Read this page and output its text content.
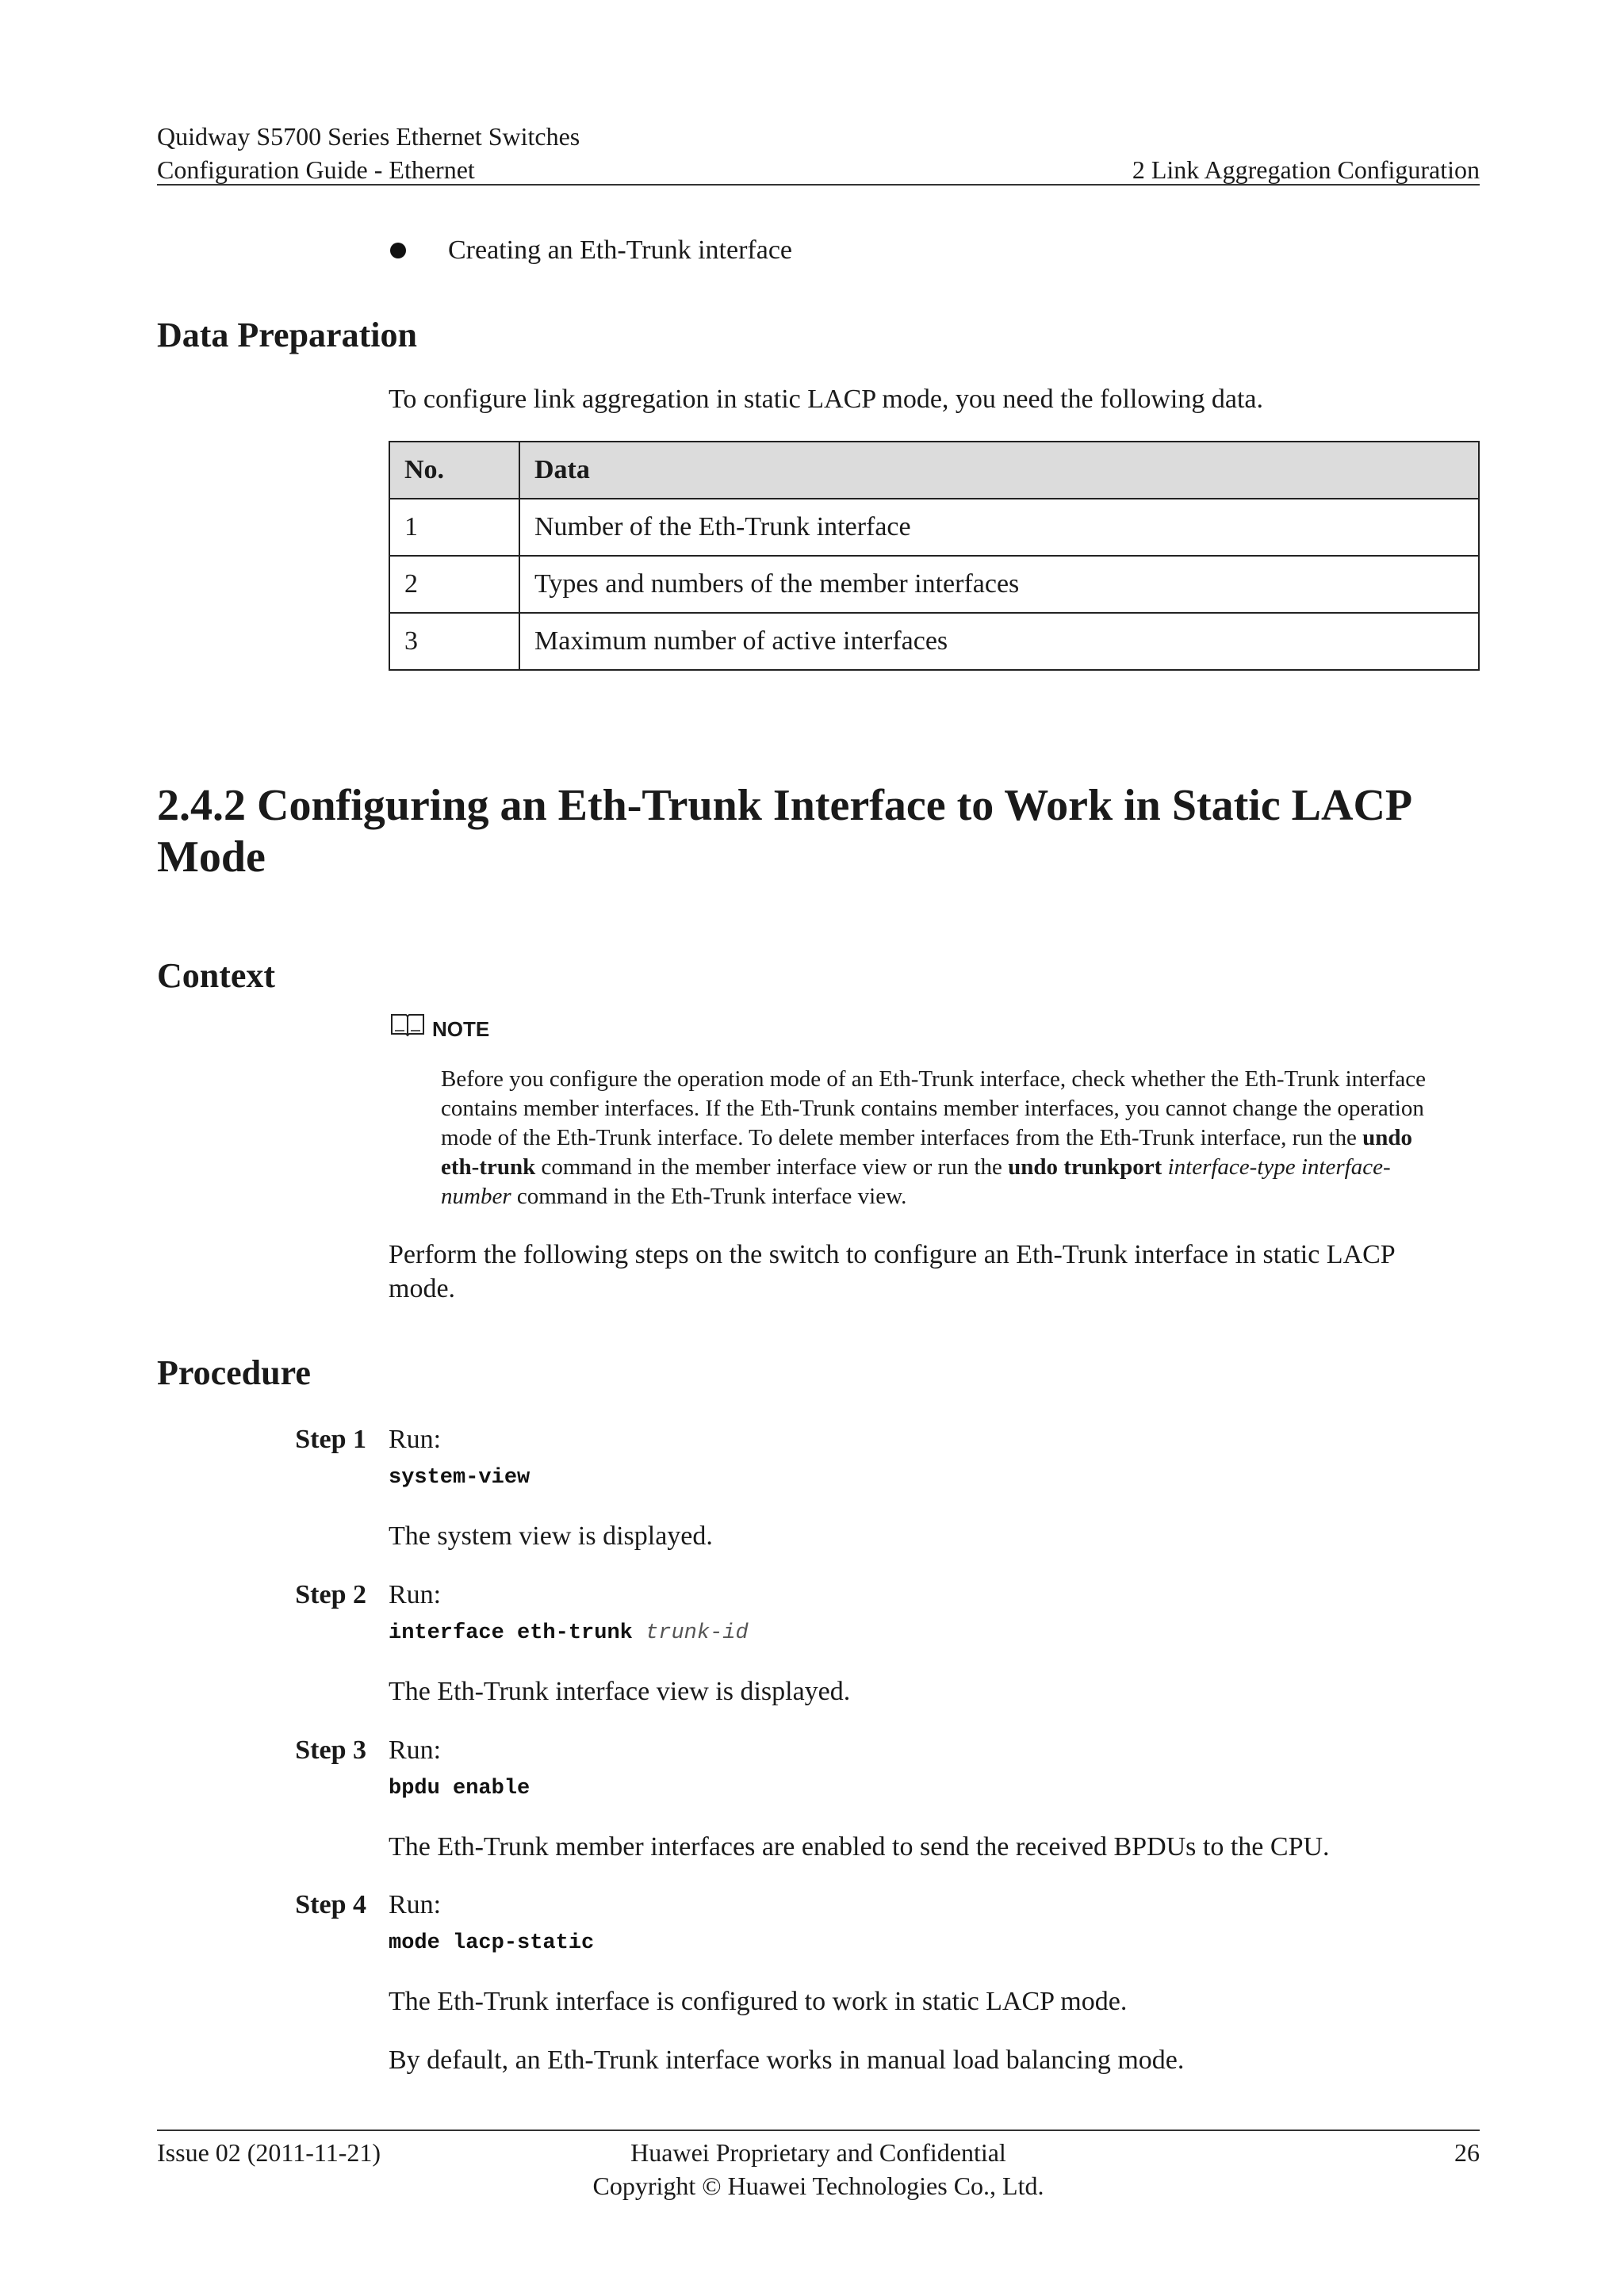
Quidway S5700 Series Ethernet Switches
Configuration Guide - Ethernet	2 Link Aggregation Configuration
Creating an Eth-Trunk interface
Data Preparation
To configure link aggregation in static LACP mode, you need the following data.
No.	Data
1	Number of the Eth-Trunk interface
2	Types and numbers of the member interfaces
3	Maximum number of active interfaces
2.4.2 Configuring an Eth-Trunk Interface to Work in Static LACP
Mode
Context
NOTE
Before you configure the operation mode of an Eth-Trunk interface, check whether the Eth-Trunk interface
contains member interfaces. If the Eth-Trunk contains member interfaces, you cannot change the operation
mode of the Eth-Trunk interface. To delete member interfaces from the Eth-Trunk interface, run the undo
eth-trunk command in the member interface view or run the undo trunkport interface-type interface-
number command in the Eth-Trunk interface view.
Perform the following steps on the switch to configure an Eth-Trunk interface in static LACP
mode.
Procedure
Step 1 Run:
system-view
The system view is displayed.
Step 2 Run:
interface eth-trunk trunk-id
The Eth-Trunk interface view is displayed.
Step 3 Run:
bpdu enable
The Eth-Trunk member interfaces are enabled to send the received BPDUs to the CPU.
Step 4 Run:
mode lacp-static
The Eth-Trunk interface is configured to work in static LACP mode.
By default, an Eth-Trunk interface works in manual load balancing mode.
Issue 02 (2011-11-21)	Huawei Proprietary and Confidential
Copyright © Huawei Technologies Co., Ltd.
26
